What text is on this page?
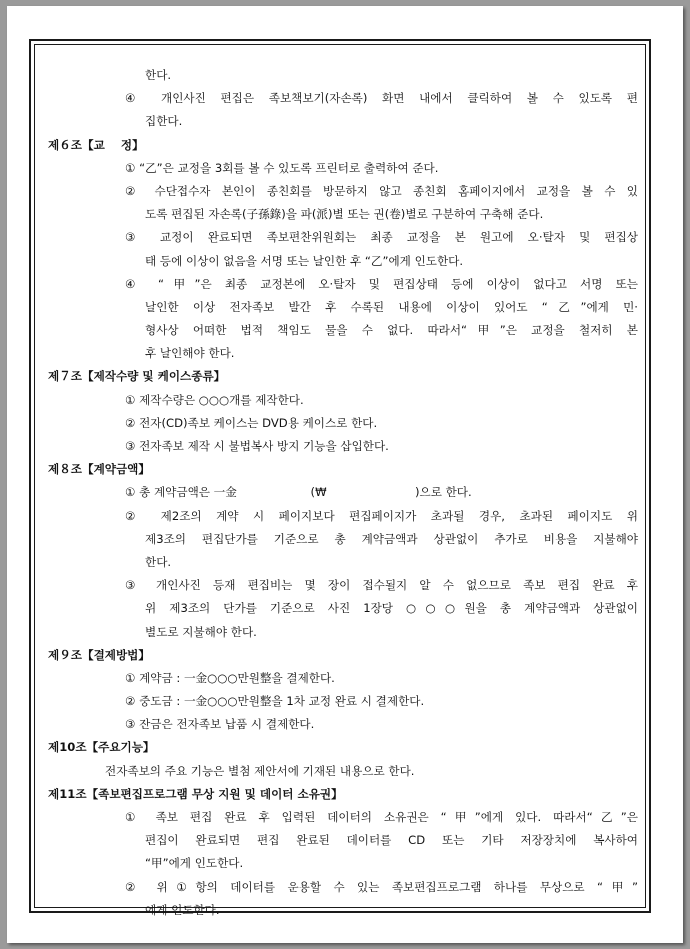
한다.
④ 개인사진 편집은 족보책보기(자손록) 화면 내에서 클릭하여 볼 수 있도록 편
집한다.
제６조【교    정】
① “乙”은 교정을 3회를 볼 수 있도록 프린터로 출력하여 준다.
② 수단접수자 본인이 종친회를 방문하지 않고 종친회 홈페이지에서 교정을 볼 수 있
도록 편집된 자손록(子孫錄)을 파(派)별 또는 권(卷)별로 구분하여 구축해 준다.
③ 교정이 완료되면 족보편찬위원회는 최종 교정을 본 원고에 오·탈자 및 편집상
태 등에 이상이 없음을 서명 또는 날인한 후 “乙”에게 인도한다.
④ “甲”은 최종 교정본에 오·탈자 및 편집상태 등에 이상이 없다고 서명 또는
날인한 이상 전자족보 발간 후 수록된 내용에 이상이 있어도 “乙”에게 민·
형사상 어떠한 법적 책임도 물을 수 없다. 따라서“甲”은 교정을 철저히 본
후 날인해야 한다.
제７조【제작수량 및 케이스종류】
① 제작수량은 ○○○개를 제작한다.
② 전자(CD)족보 케이스는 DVD용 케이스로 한다.
③ 전자족보 제작 시 불법복사 방지 기능을 삽입한다.
제８조【계약금액】
① 총 계약금액은 一金                    (₩                        )으로 한다.
② 제2조의 계약 시 페이지보다 편집페이지가 초과될 경우, 초과된 페이지도 위
제3조의 편집단가를 기준으로 총 계약금액과 상관없이 추가로 비용을 지불해야
한다.
③ 개인사진 등재 편집비는 몇 장이 접수될지 알 수 없으므로 족보 편집 완료 후
위 제3조의 단가를 기준으로 사진 1장당 ○○○원을 총 계약금액과 상관없이
별도로 지불해야 한다.
제９조【결제방법】
① 계약금 : 一金○○○만원整을 결제한다.
② 중도금 : 一金○○○만원整을 1차 교정 완료 시 결제한다.
③ 잔금은 전자족보 납품 시 결제한다.
제10조【주요기능】
전자족보의 주요 기능은 별첨 제안서에 기재된 내용으로 한다.
제11조【족보편집프로그램 무상 지원 및 데이터 소유권】
① 족보 편집 완료 후 입력된 데이터의 소유권은 “甲”에게 있다. 따라서“乙”은
편집이 완료되면 편집 완료된 데이터를 CD 또는 기타 저장장치에 복사하여
“甲”에게 인도한다.
② 위①항의 데이터를 운용할 수 있는 족보편집프로그램 하나를 무상으로 “甲”
에게 인도한다.
